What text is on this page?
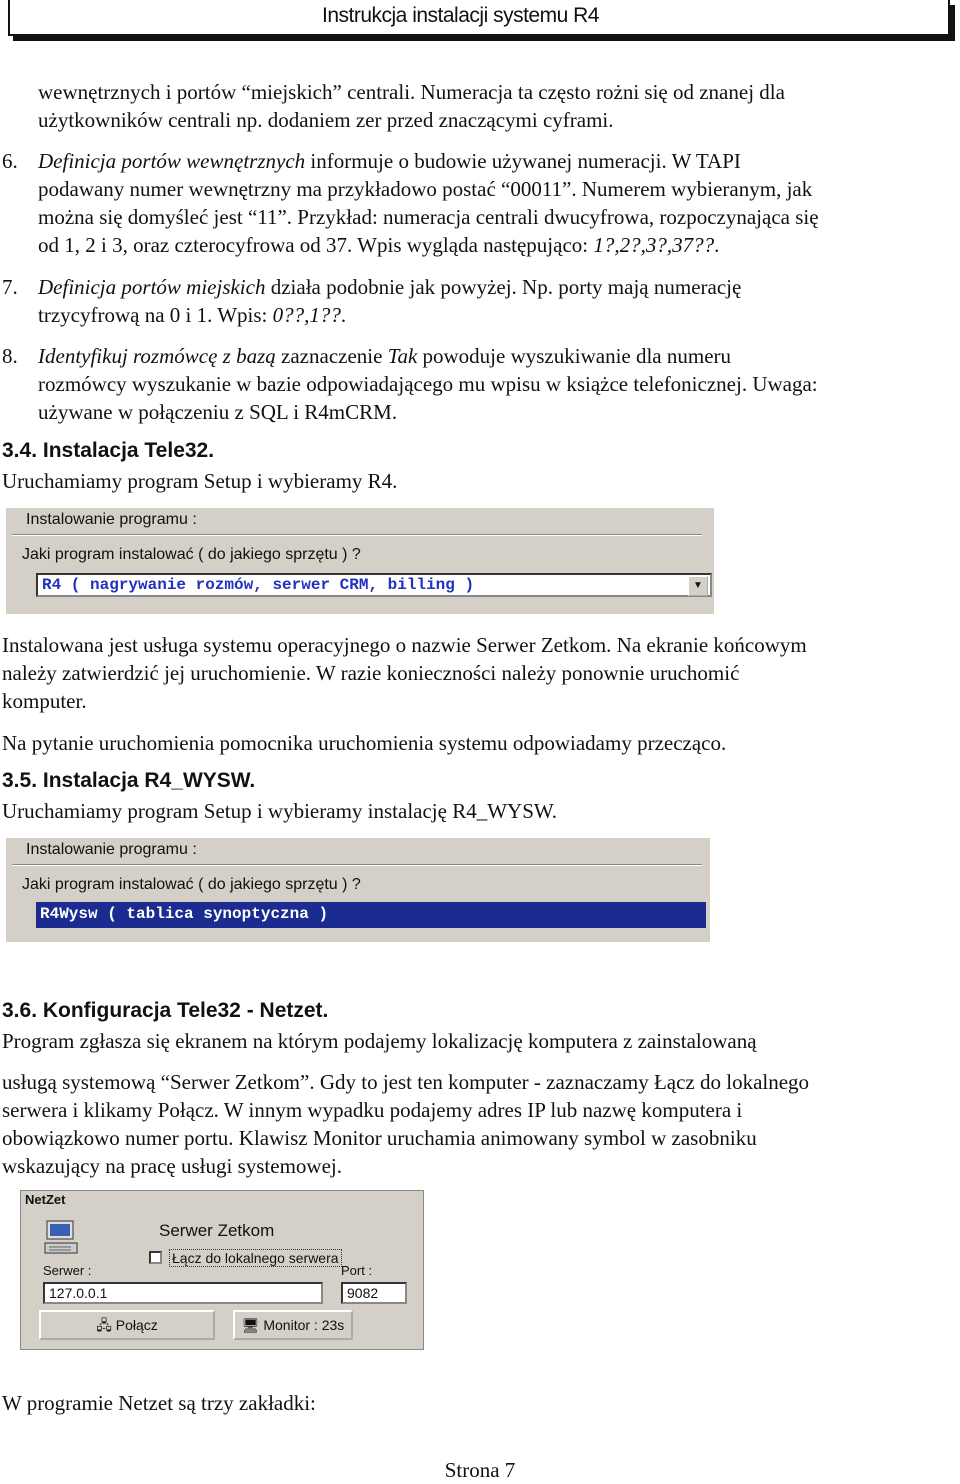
Instrukcja instalacji systemu R4

wewnętrznych i portów “miejskich” centrali. Numeracja ta często rożni się od znanej dla

użytkowników centrali np. dodaniem zer przed znaczącymi cyframi.

6. Definicja portów wewnętrznych informuje o budowie używanej numeracji. W TAPI

podawany numer wewnętrzny ma przykładowo postać “00011”. Numerem wybieranym, jak

można się domyśleć jest “11”. Przykład: numeracja centrali dwucyfrowa, rozpoczynająca się

od 1, 2 i 3, oraz czterocyfrowa od 37. Wpis wygląda następująco: 1?,2?,3?,37??.

7. Definicja portów miejskich działa podobnie jak powyżej. Np. porty mają numerację

trzycyfrową na 0 i 1. Wpis: 0??,1??.

8. Identyfikuj rozmówcę z bazą zaznaczenie Tak powoduje wyszukiwanie dla numeru

rozmówcy wyszukanie w bazie odpowiadającego mu wpisu w książce telefonicznej. Uwaga:

używane w połączeniu z SQL i R4mCRM.

3.4. Instalacja Tele32.

Uruchamiamy program Setup i wybieramy R4.

Instalowanie programu :
Jaki program instalować ( do jakiego sprzętu ) ?
R4 ( nagrywanie rozmów, serwer CRM, billing )	▼

Instalowana jest usługa systemu operacyjnego o nazwie Serwer Zetkom. Na ekranie końcowym

należy zatwierdzić jej uruchomienie. W razie konieczności należy ponownie uruchomić

komputer.

Na pytanie uruchomienia pomocnika uruchomienia systemu odpowiadamy przecząco.

3.5. Instalacja R4_WYSW.

Uruchamiamy program Setup i wybieramy instalację R4_WYSW.

Instalowanie programu :
Jaki program instalować ( do jakiego sprzętu ) ?
R4Wysw ( tablica synoptyczna )
3.6. Konfiguracja Tele32 - Netzet.

Program zgłasza się ekranem na którym podajemy lokalizację komputera z zainstalowaną

usługą systemową “Serwer Zetkom”. Gdy to jest ten komputer - zaznaczamy Łącz do lokalnego

serwera i klikamy Połącz. W innym wypadku podajemy adres IP lub nazwę komputera i

obowiązkowo numer portu. Klawisz Monitor uruchamia animowany symbol w zasobniku

wskazujący na pracę usługi systemowej.

NetZet
Serwer Zetkom
Łącz do lokalnego serwera
Serwer :
127.0.0.1
Port :
9082
🖧 Połącz	🖥 Monitor : 23s

W programie Netzet są trzy zakładki:

Strona 7
